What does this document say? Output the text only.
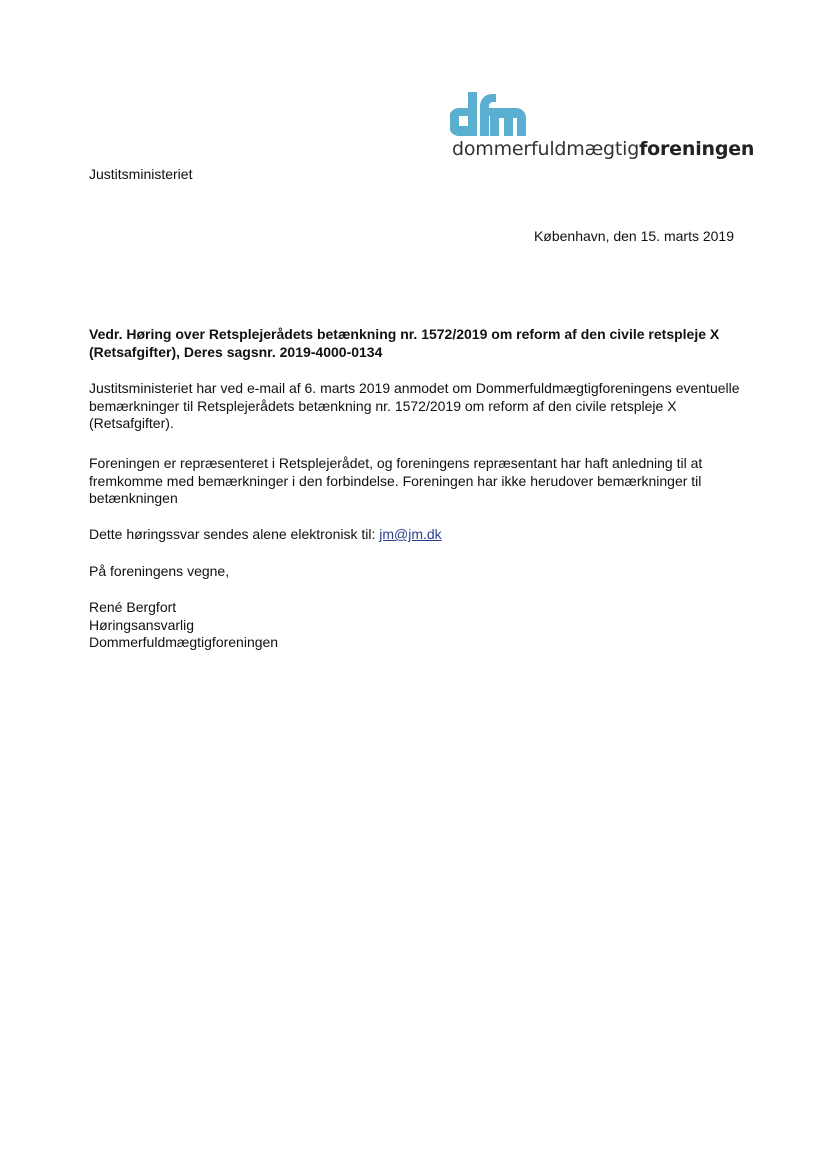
dommerfuldmægtigforeningen
Justitsministeriet
København, den 15. marts 2019
Vedr. Høring over Retsplejerådets betænkning nr. 1572/2019 om reform af den civile retspleje X (Retsafgifter), Deres sagsnr. 2019-4000-0134
Justitsministeriet har ved e-mail af 6. marts 2019 anmodet om Dommerfuldmægtigforeningens eventuelle bemærkninger til Retsplejerådets betænkning nr. 1572/2019 om reform af den civile retspleje X (Retsafgifter).
Foreningen er repræsenteret i Retsplejerådet, og foreningens repræsentant har haft anledning til at fremkomme med bemærkninger i den forbindelse. Foreningen har ikke herudover bemærkninger til betænkningen
Dette høringssvar sendes alene elektronisk til: jm@jm.dk
På foreningens vegne,
René Bergfort
Høringsansvarlig
Dommerfuldmægtigforeningen
